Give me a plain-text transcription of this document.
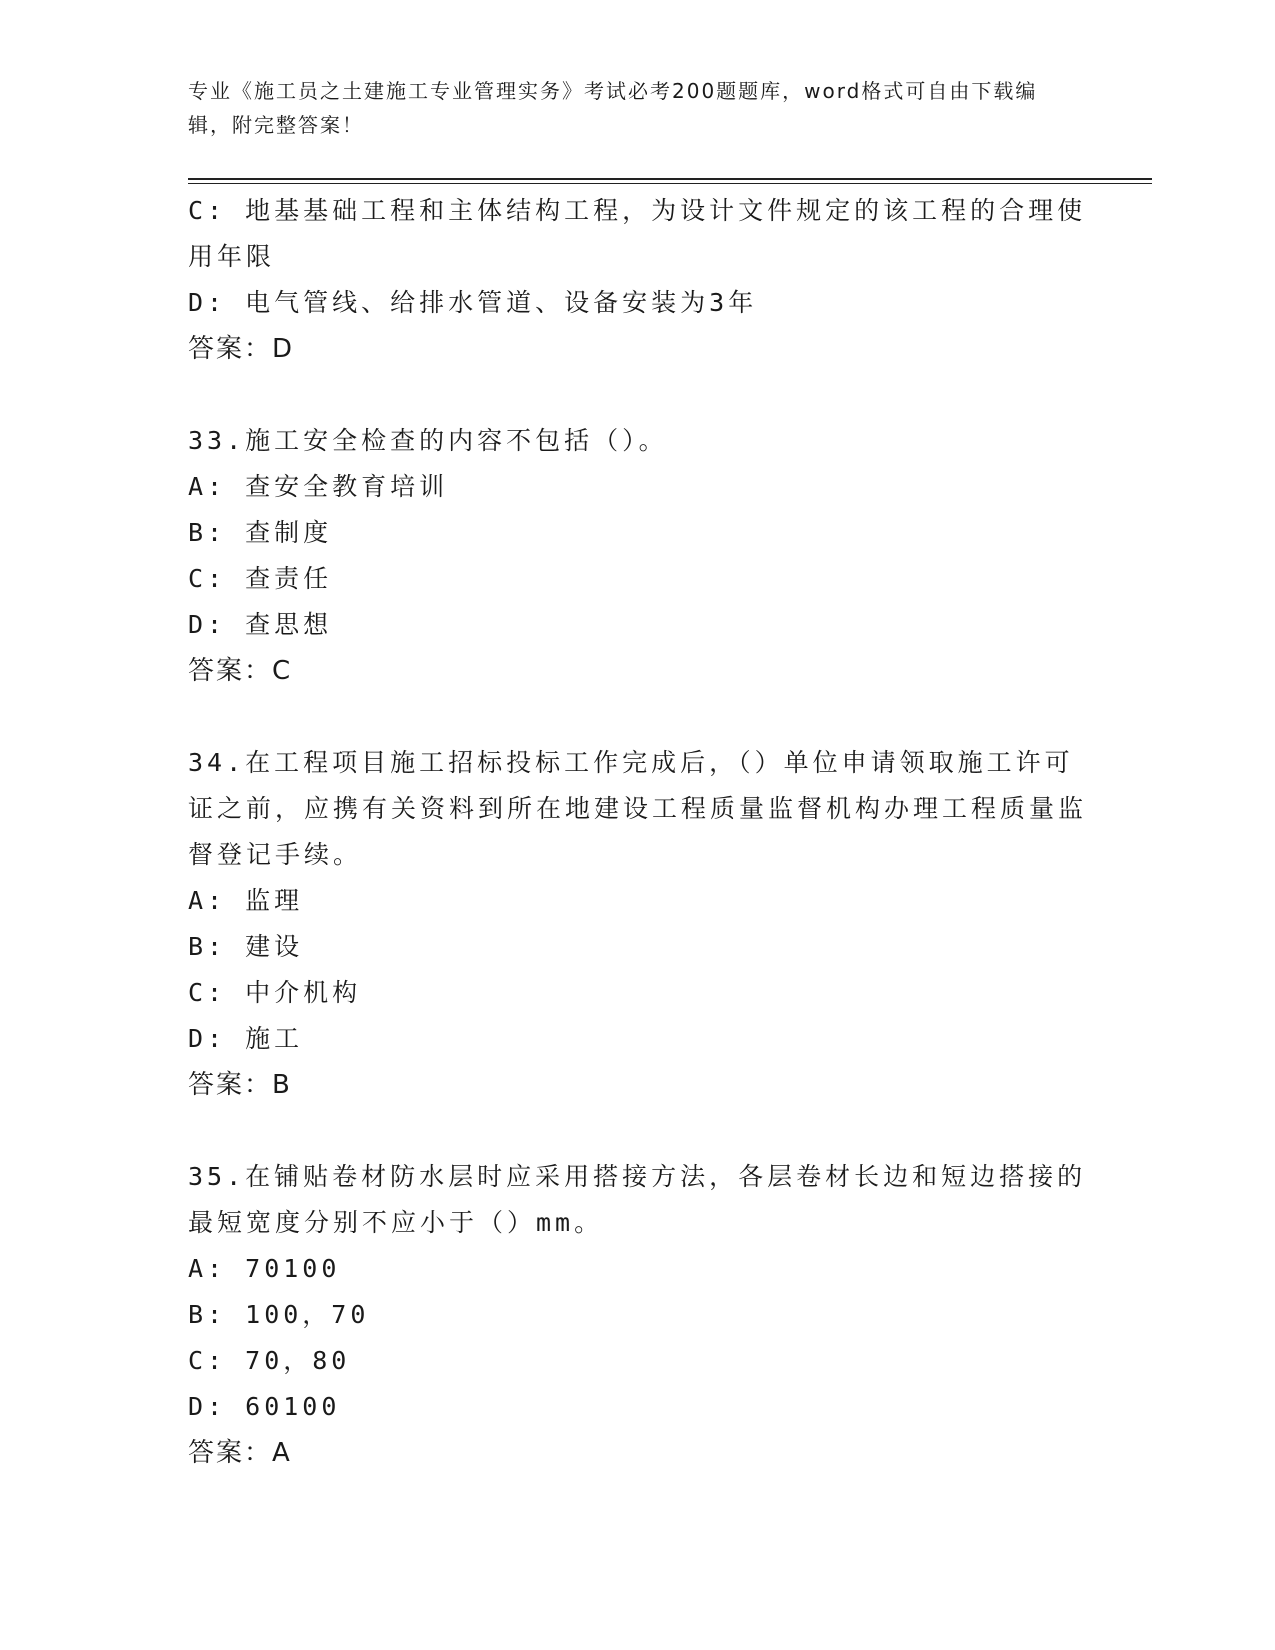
专业《施工员之土建施工专业管理实务》考试必考200题题库，word格式可自由下载编辑，附完整答案！
C: 地基基础工程和主体结构工程，为设计文件规定的该工程的合理使用年限
D: 电气管线、给排水管道、设备安装为3年
答案：D
33.施工安全检查的内容不包括（）。
A: 查安全教育培训
B: 查制度
C: 查责任
D: 查思想
答案：C
34.在工程项目施工招标投标工作完成后，（）单位申请领取施工许可证之前，应携有关资料到所在地建设工程质量监督机构办理工程质量监督登记手续。
A: 监理
B: 建设
C: 中介机构
D: 施工
答案：B
35.在铺贴卷材防水层时应采用搭接方法，各层卷材长边和短边搭接的最短宽度分别不应小于（）mm。
A: 70100
B: 100，70
C: 70，80
D: 60100
答案：A
